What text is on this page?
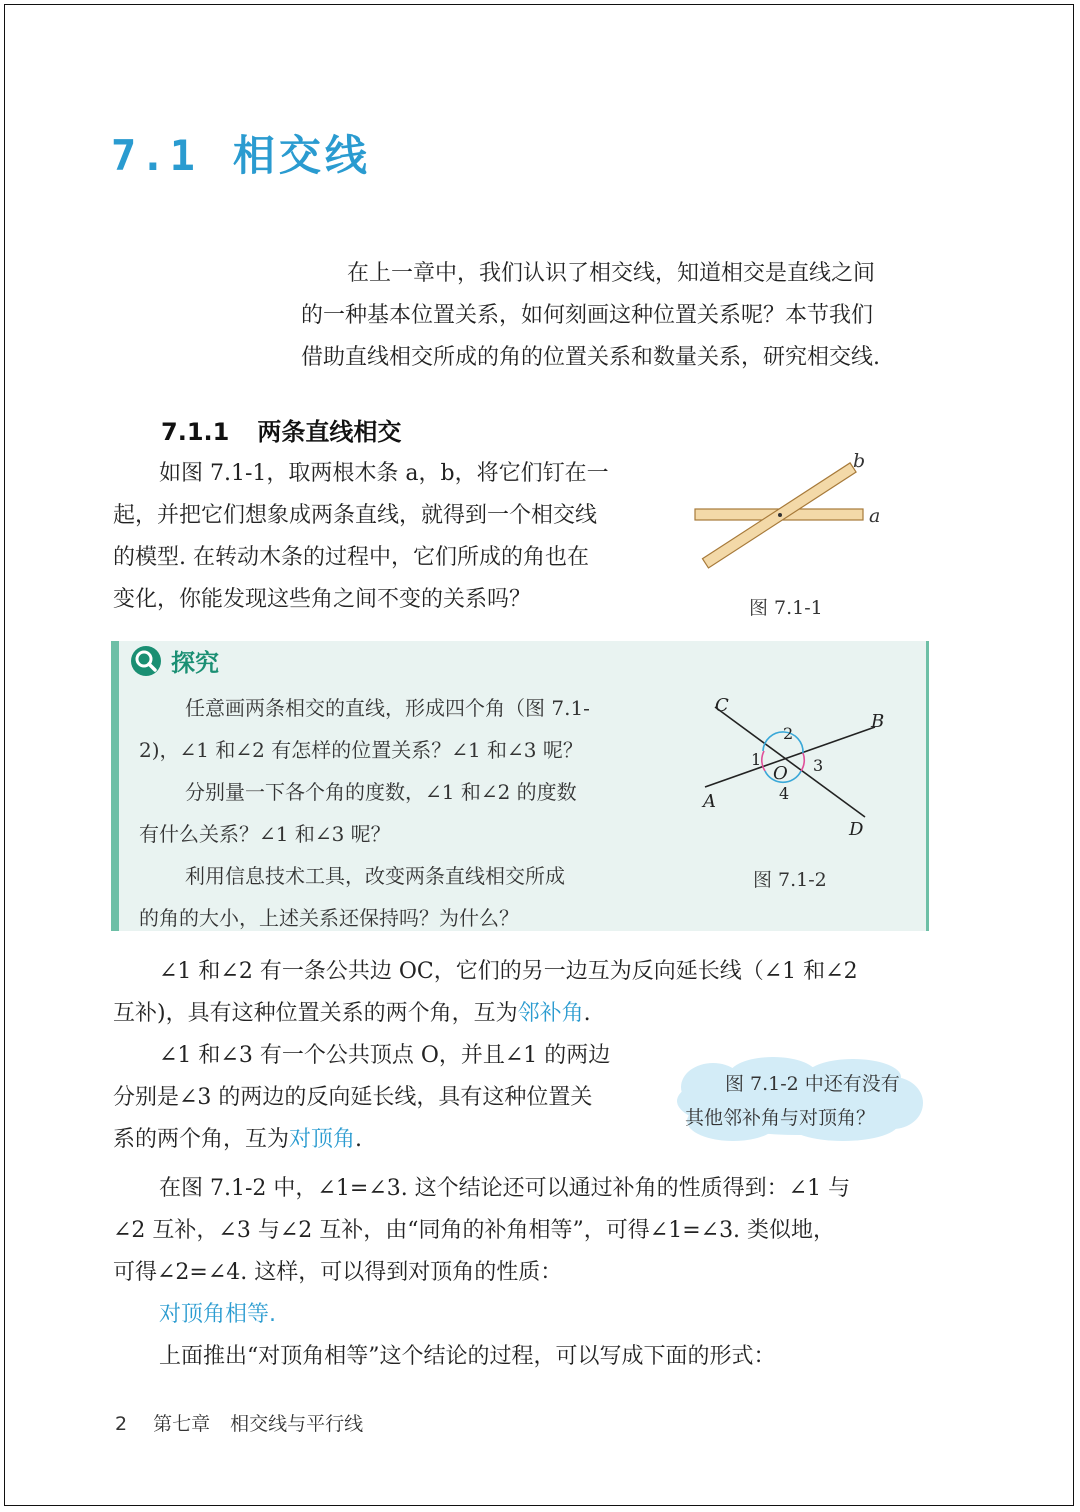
7.1 相交线

在上一章中，我们认识了相交线，知道相交是直线之间

的一种基本位置关系，如何刻画这种位置关系呢？本节我们

借助直线相交所成的角的位置关系和数量关系，研究相交线.

7.1.1 两条直线相交

如图 7.1-1，取两根木条 a，b，将它们钉在一

起，并把它们想象成两条直线，就得到一个相交线

的模型. 在转动木条的过程中，它们所成的角也在

变化，你能发现这些角之间不变的关系吗？

a
b
图 7.1-1
探究

任意画两条相交的直线，形成四个角（图 7.1-

2)，∠1 和∠2 有怎样的位置关系？∠1 和∠3 呢？

分别量一下各个角的度数，∠1 和∠2 的度数

有什么关系？∠1 和∠3 呢？

利用信息技术工具，改变两条直线相交所成

的角的大小，上述关系还保持吗？为什么？

C
B
A
D
O
1
2
3
4
图 7.1-2

∠1 和∠2 有一条公共边 OC，它们的另一边互为反向延长线（∠1 和∠2

互补)，具有这种位置关系的两个角，互为邻补角.

∠1 和∠3 有一个公共顶点 O，并且∠1 的两边

分别是∠3 的两边的反向延长线，具有这种位置关

系的两个角，互为对顶角.

图 7.1-2 中还有没有

其他邻补角与对顶角？

在图 7.1-2 中，∠1=∠3. 这个结论还可以通过补角的性质得到：∠1 与

∠2 互补，∠3 与∠2 互补，由“同角的补角相等”，可得∠1=∠3. 类似地，

可得∠2=∠4. 这样，可以得到对顶角的性质：

对顶角相等.

上面推出“对顶角相等”这个结论的过程，可以写成下面的形式：

2 第七章 相交线与平行线
